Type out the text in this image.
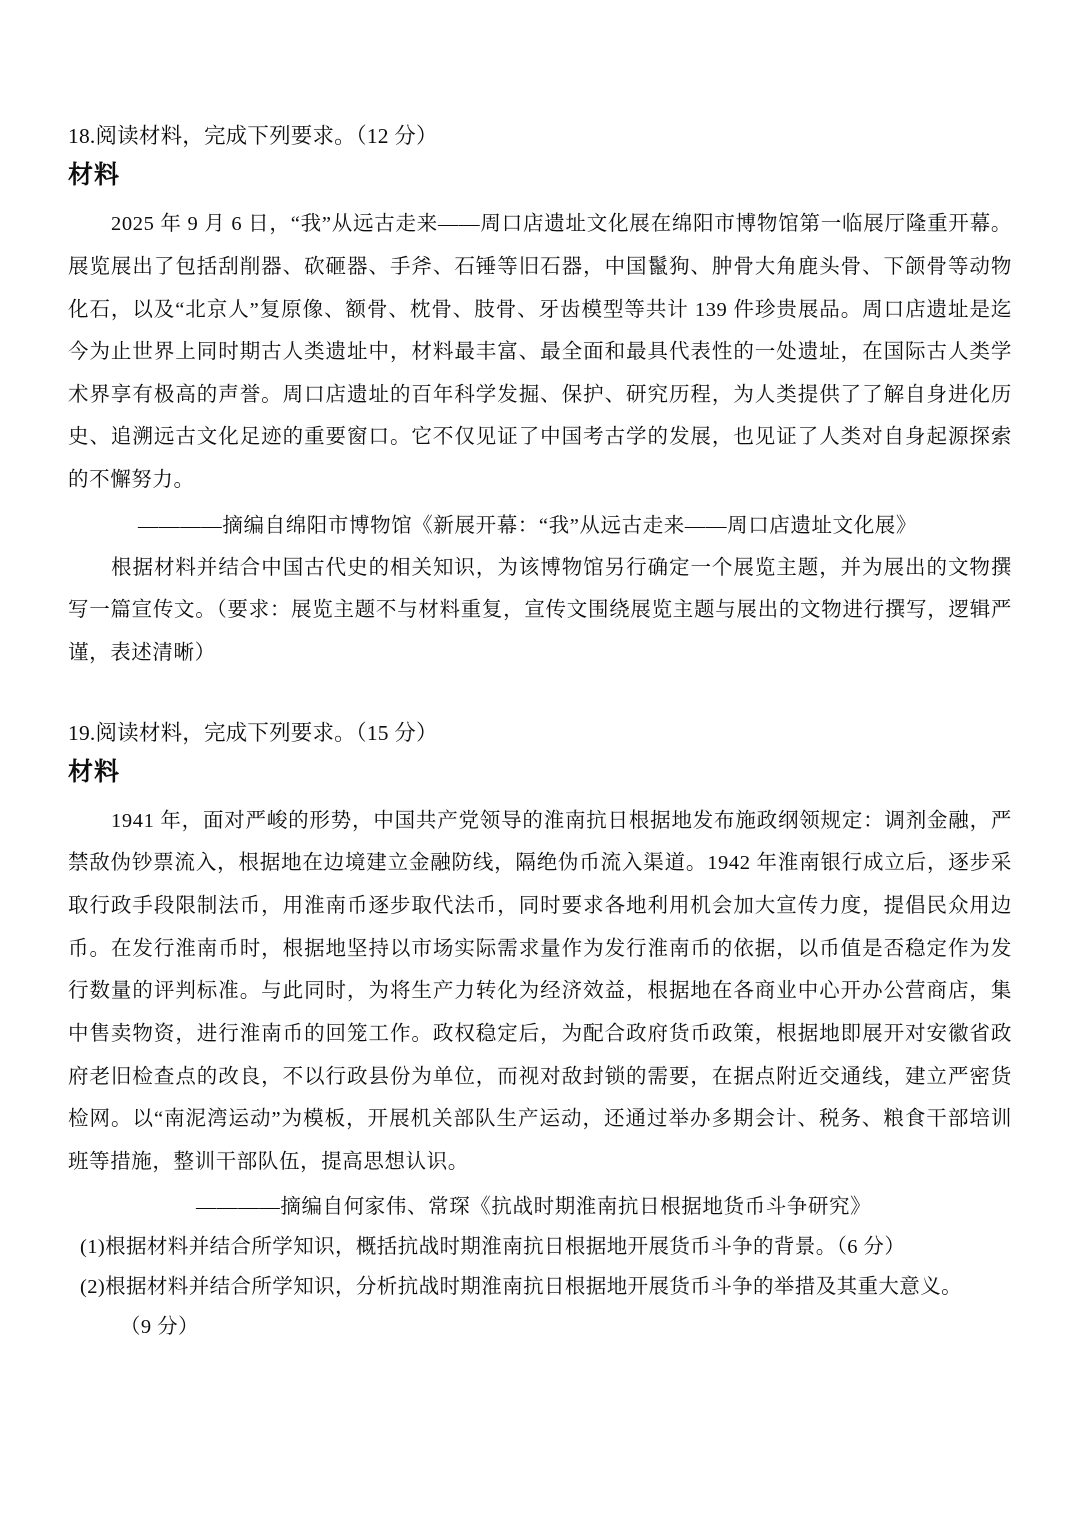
18.阅读材料，完成下列要求。（12 分）

材料

2025 年 9 月 6 日，“我”从远古走来——周口店遗址文化展在绵阳市博物馆第一临展厅隆重开幕。展览展出了包括刮削器、砍砸器、手斧、石锤等旧石器，中国鬣狗、肿骨大角鹿头骨、下颌骨等动物化石，以及“北京人”复原像、额骨、枕骨、肢骨、牙齿模型等共计 139 件珍贵展品。周口店遗址是迄今为止世界上同时期古人类遗址中，材料最丰富、最全面和最具代表性的一处遗址，在国际古人类学术界享有极高的声誉。周口店遗址的百年科学发掘、保护、研究历程，为人类提供了了解自身进化历史、追溯远古文化足迹的重要窗口。它不仅见证了中国考古学的发展，也见证了人类对自身起源探索的不懈努力。

————摘编自绵阳市博物馆《新展开幕：“我”从远古走来——周口店遗址文化展》

根据材料并结合中国古代史的相关知识，为该博物馆另行确定一个展览主题，并为展出的文物撰写一篇宣传文。（要求：展览主题不与材料重复，宣传文围绕展览主题与展出的文物进行撰写，逻辑严谨，表述清晰）

19.阅读材料，完成下列要求。（15 分）

材料

1941 年，面对严峻的形势，中国共产党领导的淮南抗日根据地发布施政纲领规定：调剂金融，严禁敌伪钞票流入，根据地在边境建立金融防线，隔绝伪币流入渠道。1942 年淮南银行成立后，逐步采取行政手段限制法币，用淮南币逐步取代法币，同时要求各地利用机会加大宣传力度，提倡民众用边币。在发行淮南币时，根据地坚持以市场实际需求量作为发行淮南币的依据，以币值是否稳定作为发行数量的评判标准。与此同时，为将生产力转化为经济效益，根据地在各商业中心开办公营商店，集中售卖物资，进行淮南币的回笼工作。政权稳定后，为配合政府货币政策，根据地即展开对安徽省政府老旧检查点的改良，不以行政县份为单位，而视对敌封锁的需要，在据点附近交通线，建立严密货检网。以“南泥湾运动”为模板，开展机关部队生产运动，还通过举办多期会计、税务、粮食干部培训班等措施，整训干部队伍，提高思想认识。

————摘编自何家伟、常琛《抗战时期淮南抗日根据地货币斗争研究》

(1)根据材料并结合所学知识，概括抗战时期淮南抗日根据地开展货币斗争的背景。（6 分）

(2)根据材料并结合所学知识，分析抗战时期淮南抗日根据地开展货币斗争的举措及其重大意义。

（9 分）
